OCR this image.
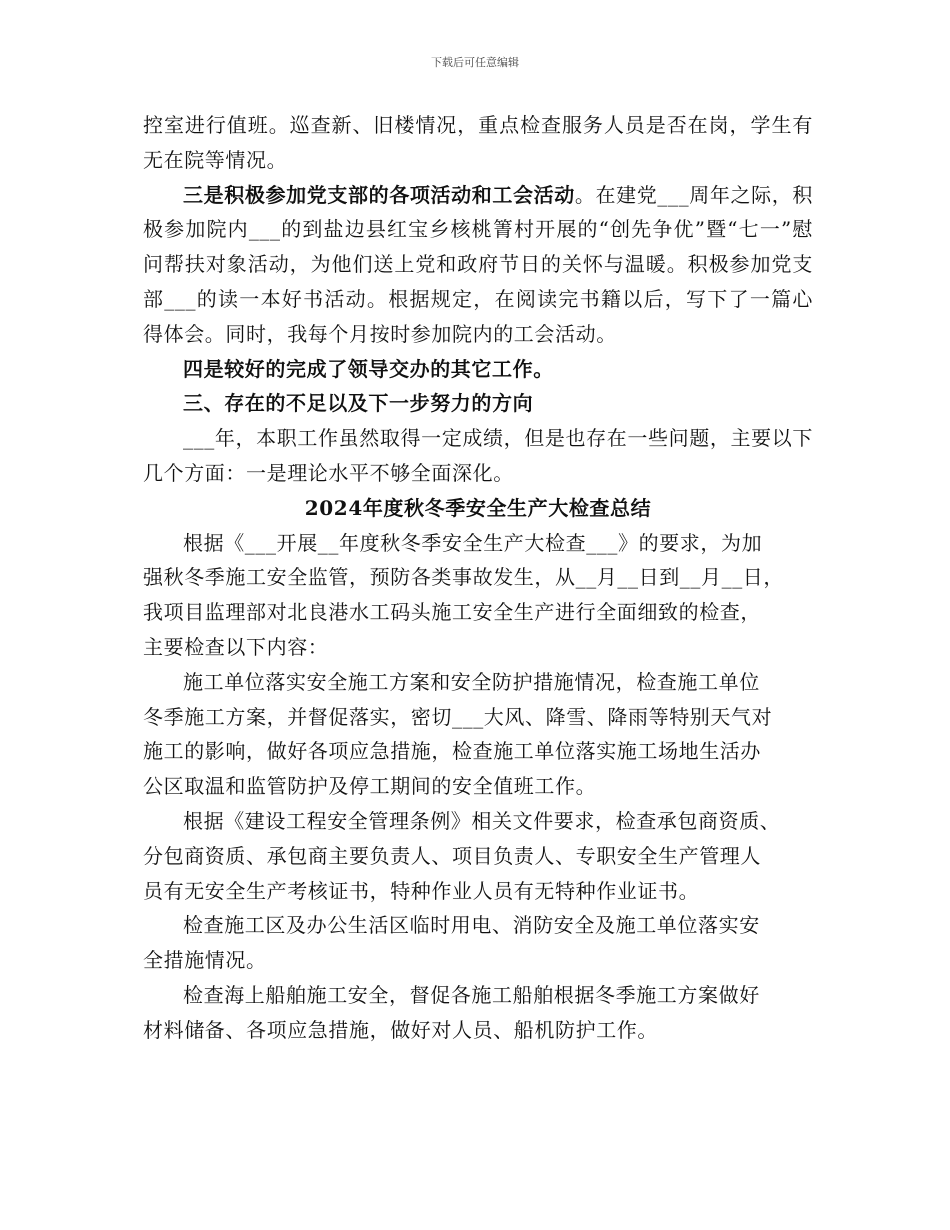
下载后可任意编辑

控室进行值班。巡查新、旧楼情况，重点检查服务人员是否在岗，学生有无在院等情况。

三是积极参加党支部的各项活动和工会活动。在建党___周年之际，积极参加院内___的到盐边县红宝乡核桃箐村开展的“创先争优”暨“七一”慰问帮扶对象活动，为他们送上党和政府节日的关怀与温暖。积极参加党支部___的读一本好书活动。根据规定，在阅读完书籍以后，写下了一篇心得体会。同时，我每个月按时参加院内的工会活动。

四是较好的完成了领导交办的其它工作。

三、存在的不足以及下一步努力的方向

___年，本职工作虽然取得一定成绩，但是也存在一些问题，主要以下几个方面：一是理论水平不够全面深化。

2024年度秋冬季安全生产大检查总结

根据《___开展__年度秋冬季安全生产大检查___》的要求，为加

强秋冬季施工安全监管，预防各类事故发生，从__月__日到__月__日，

我项目监理部对北良港水工码头施工安全生产进行全面细致的检查，

主要检查以下内容：

施工单位落实安全施工方案和安全防护措施情况，检查施工单位

冬季施工方案，并督促落实，密切___大风、降雪、降雨等特别天气对

施工的影响，做好各项应急措施，检查施工单位落实施工场地生活办

公区取温和监管防护及停工期间的安全值班工作。

根据《建设工程安全管理条例》相关文件要求，检查承包商资质、

分包商资质、承包商主要负责人、项目负责人、专职安全生产管理人

员有无安全生产考核证书，特种作业人员有无特种作业证书。

检查施工区及办公生活区临时用电、消防安全及施工单位落实安

全措施情况。

检查海上船舶施工安全，督促各施工船舶根据冬季施工方案做好

材料储备、各项应急措施，做好对人员、船机防护工作。
